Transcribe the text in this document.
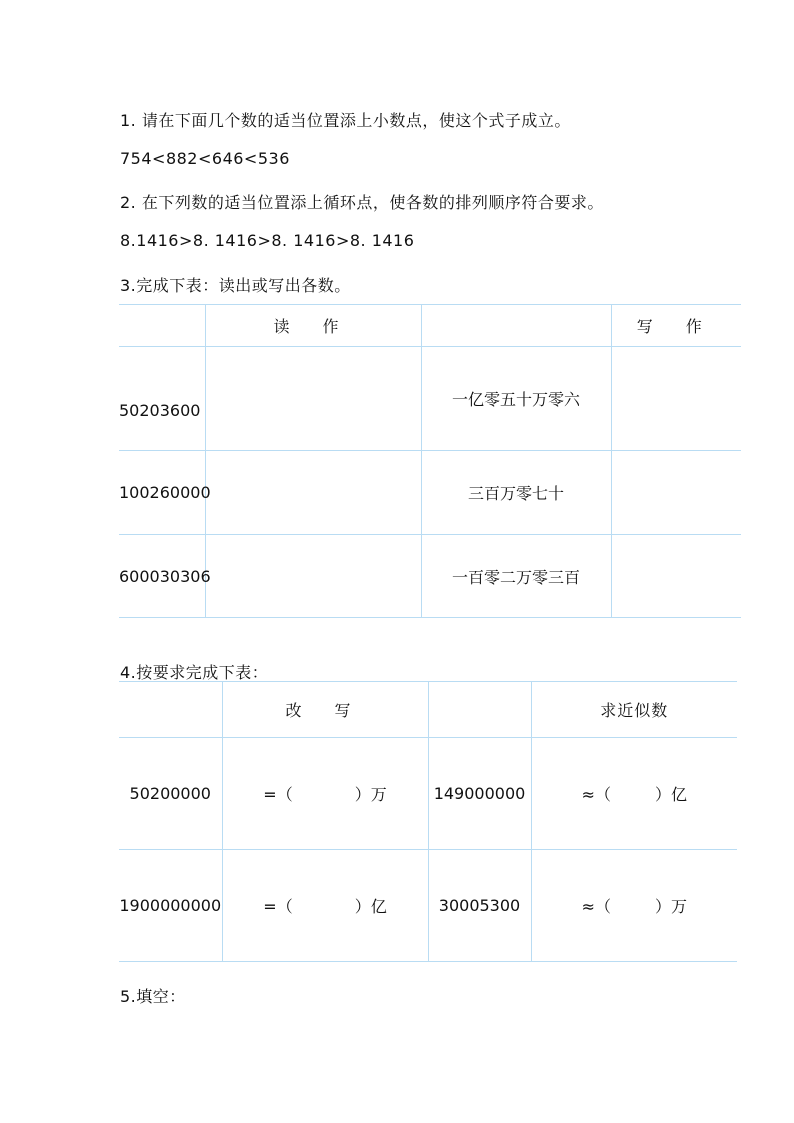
1. 请在下面几个数的适当位置添上小数点，使这个式子成立。
754<882<646<536
2. 在下列数的适当位置添上循环点，使各数的排列顺序符合要求。
8.1416>8. 1416>8. 1416>8. 1416
3.完成下表：读出或写出各数。
	读 作		写 作
50203600		一亿零五十万零六	
100260000		三百万零七十	
600030306		一百零二万零三百	
4.按要求完成下表：
	改 写		求近似数
50200000	=（ ）万	149000000	≈（ ）亿
1900000000	=（ ）亿	30005300	≈（ ）万
5.填空：
